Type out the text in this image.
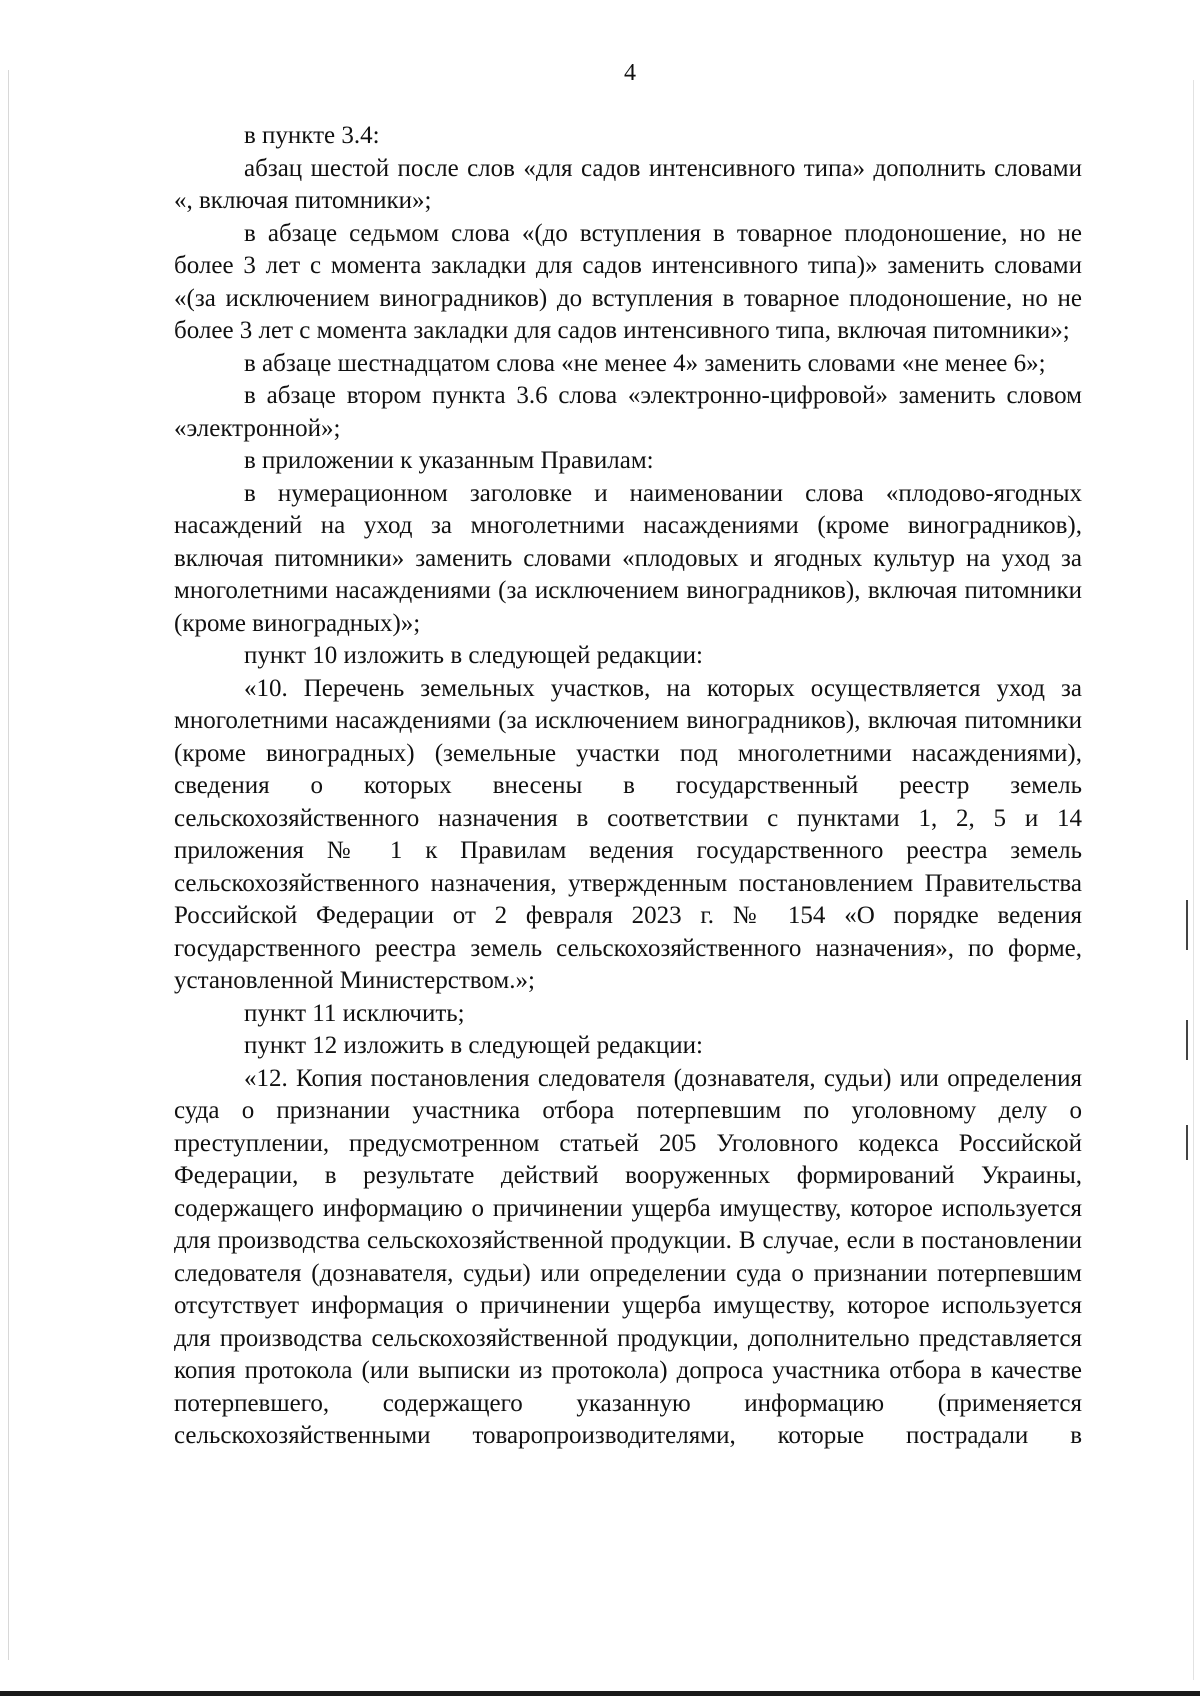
4

в пункте 3.4:

абзац шестой после слов «для садов интенсивного типа» дополнить словами «, включая питомники»;

в абзаце седьмом слова «(до вступления в товарное плодоношение, но не более 3 лет с момента закладки для садов интенсивного типа)» заменить словами «(за исключением виноградников) до вступления в товарное плодоношение, но не более 3 лет с момента закладки для садов интенсивного типа, включая питомники»;

в абзаце шестнадцатом слова «не менее 4» заменить словами «не менее 6»;

в абзаце втором пункта 3.6 слова «электронно-цифровой» заменить словом «электронной»;

в приложении к указанным Правилам:

в нумерационном заголовке и наименовании слова «плодово-ягодных насаждений на уход за многолетними насаждениями (кроме виноградников), включая питомники» заменить словами «плодовых и ягодных культур на уход за многолетними насаждениями (за исключением виноградников), включая питомники (кроме виноградных)»;

пункт 10 изложить в следующей редакции:

«10. Перечень земельных участков, на которых осуществляется уход за многолетними насаждениями (за исключением виноградников), включая питомники (кроме виноградных) (земельные участки под многолетними насаждениями), сведения о которых внесены в государственный реестр земель сельскохозяйственного назначения в соответствии с пунктами 1, 2, 5 и 14 приложения № 1 к Правилам ведения государственного реестра земель сельскохозяйственного назначения, утвержденным постановлением Правительства Российской Федерации от 2 февраля 2023 г. № 154 «О порядке ведения государственного реестра земель сельскохозяйственного назначения», по форме, установленной Министерством.»;

пункт 11 исключить;

пункт 12 изложить в следующей редакции:

«12. Копия постановления следователя (дознавателя, судьи) или определения суда о признании участника отбора потерпевшим по уголовному делу о преступлении, предусмотренном статьей 205 Уголовного кодекса Российской Федерации, в результате действий вооруженных формирований Украины, содержащего информацию о причинении ущерба имуществу, которое используется для производства сельскохозяйственной продукции. В случае, если в постановлении следователя (дознавателя, судьи) или определении суда о признании потерпевшим отсутствует информация о причинении ущерба имуществу, которое используется для производства сельскохозяйственной продукции, дополнительно представляется копия протокола (или выписки из протокола) допроса участника отбора в качестве потерпевшего, содержащего указанную информацию (применяется сельскохозяйственными товаропроизводителями, которые пострадали в
